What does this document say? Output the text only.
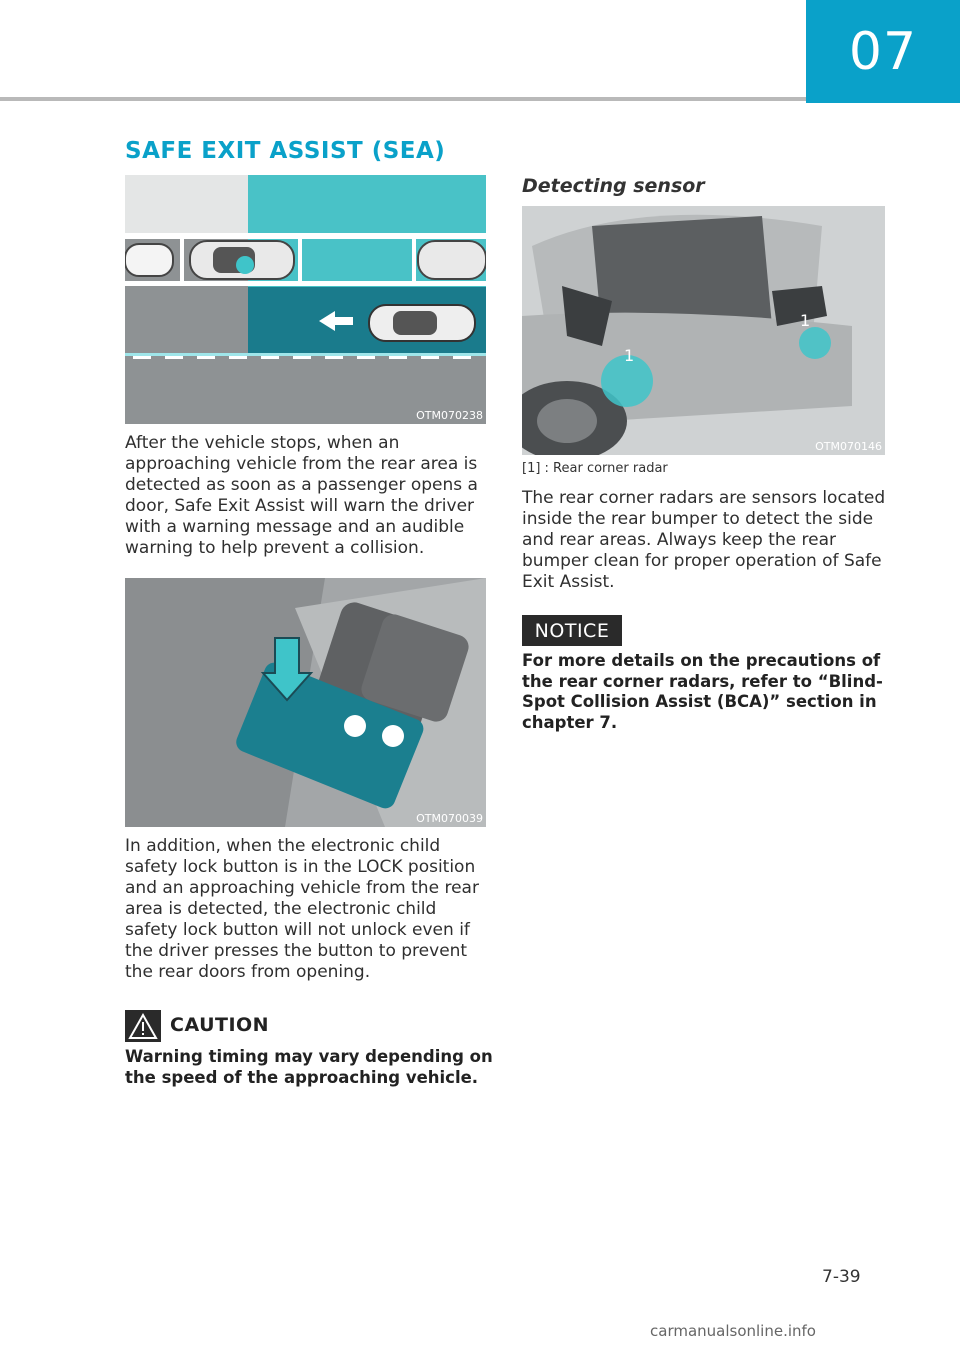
07
SAFE EXIT ASSIST (SEA)
OTM070238
After the vehicle stops, when an approaching vehicle from the rear area is detected as soon as a passenger opens a door, Safe Exit Assist will warn the driver with a warning message and an audible warning to help prevent a collision.
OTM070039
In addition, when the electronic child safety lock button is in the LOCK position and an approaching vehicle from the rear area is detected, the electronic child safety lock button will not unlock even if the driver presses the button to prevent the rear doors from opening.
CAUTION
Warning timing may vary depending on the speed of the approaching vehicle.
Detecting sensor
1
1
OTM070146
[1] : Rear corner radar
The rear corner radars are sensors located inside the rear bumper to detect the side and rear areas. Always keep the rear bumper clean for proper operation of Safe Exit Assist.
NOTICE
For more details on the precautions of the rear corner radars, refer to “Blind-Spot Collision Assist (BCA)” section in chapter 7.
7-39
carmanualsonline.info
